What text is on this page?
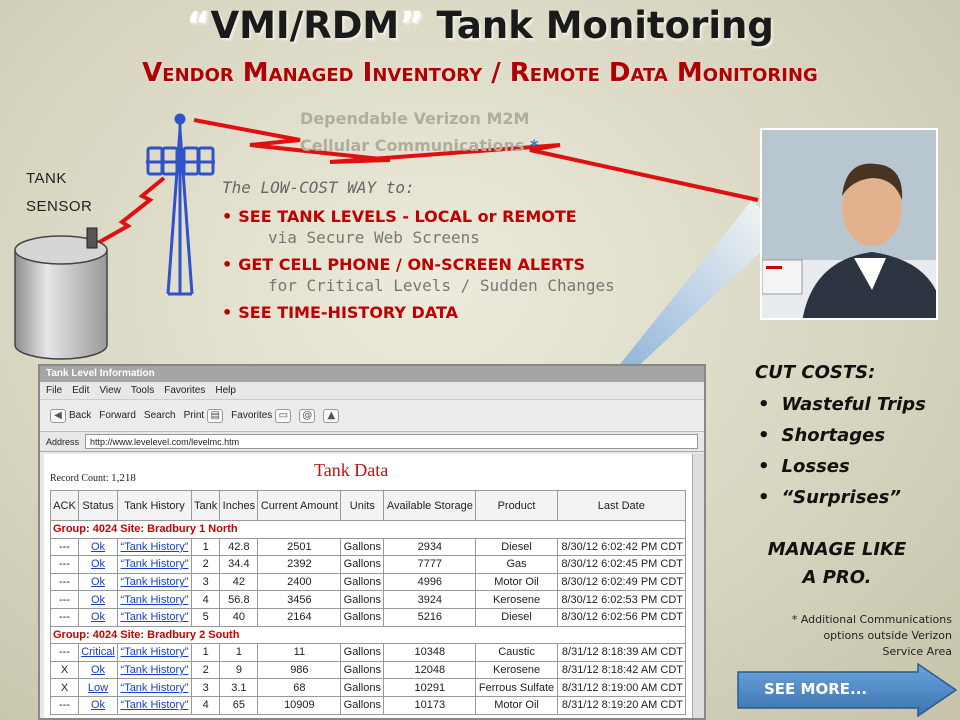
“VMI/RDM” Tank Monitoring
Vendor Managed Inventory / Remote Data Monitoring
Dependable Verizon M2M
Cellular Communications *
TANK
SENSOR
The LOW-COST WAY to:
• SEE TANK LEVELS - LOCAL or REMOTE
via Secure Web Screens
• GET CELL PHONE / ON-SCREEN ALERTS
for Critical Levels / Sudden Changes
• SEE TIME-HISTORY DATA
Tank Level Information
File Edit View Tools Favorites Help
◀ Back Forward Search Print ▤	Favorites ▭	@	▲
Address	http://www.levelevel.com/levelmc.htm
Record Count: 1,218	Tank Data
ACK	Status	Tank History	Tank	Inches	Current Amount	Units	Available Storage	Product	Last Date
Group: 4024 Site: Bradbury 1 North									
---	Ok	“Tank History”	1	42.8	2501	Gallons	2934	Diesel	8/30/12 6:02:42 PM CDT
---	Ok	“Tank History”	2	34.4	2392	Gallons	7777	Gas	8/30/12 6:02:45 PM CDT
---	Ok	“Tank History”	3	42	2400	Gallons	4996	Motor Oil	8/30/12 6:02:49 PM CDT
---	Ok	“Tank History”	4	56.8	3456	Gallons	3924	Kerosene	8/30/12 6:02:53 PM CDT
---	Ok	“Tank History”	5	40	2164	Gallons	5216	Diesel	8/30/12 6:02:56 PM CDT
Group: 4024 Site: Bradbury 2 South									
---	Critical	“Tank History”	1	1	11	Gallons	10348	Caustic	8/31/12 8:18:39 AM CDT
X	Ok	“Tank History”	2	9	986	Gallons	12048	Kerosene	8/31/12 8:18:42 AM CDT
X	Low	“Tank History”	3	3.1	68	Gallons	10291	Ferrous Sulfate	8/31/12 8:19:00 AM CDT
---	Ok	“Tank History”	4	65	10909	Gallons	10173	Motor Oil	8/31/12 8:19:20 AM CDT
CUT COSTS:
• Wasteful Trips
• Shortages
• Losses
• “Surprises”
MANAGE LIKE
A PRO.
* Additional Communications
options outside Verizon
Service Area
SEE MORE...
